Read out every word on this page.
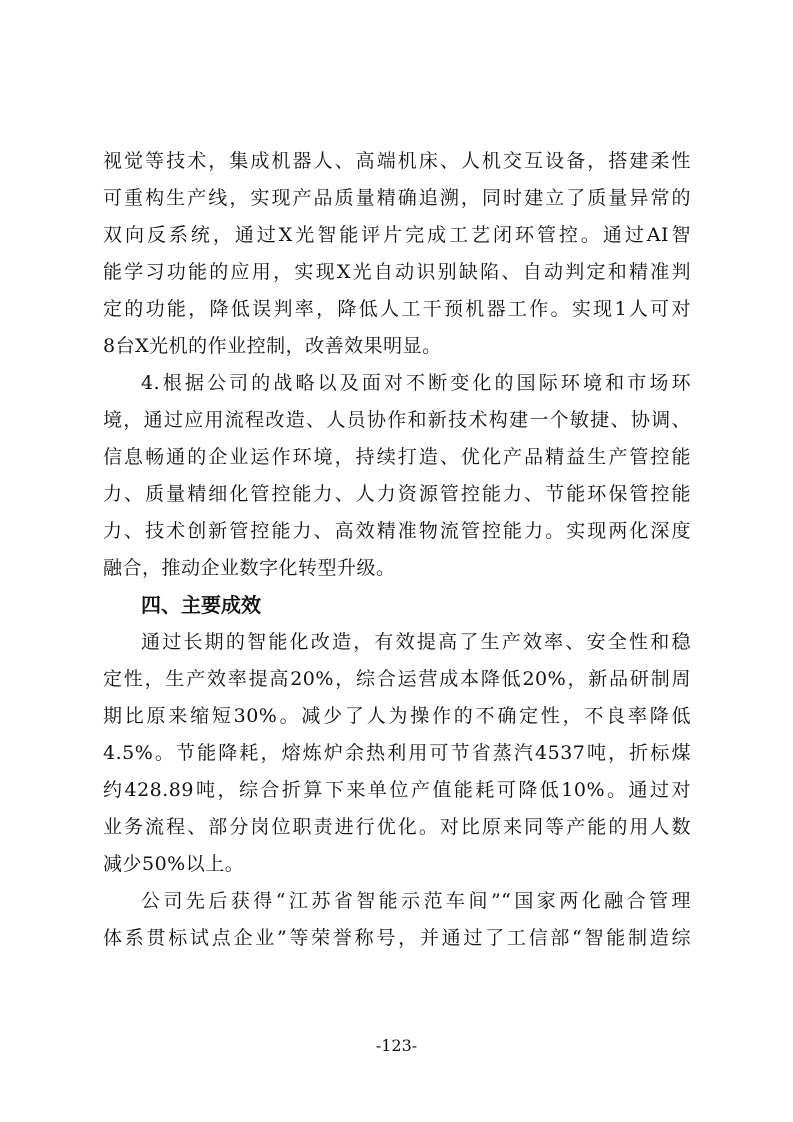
视觉等技术，集成机器人、高端机床、人机交互设备，搭建柔性
可重构生产线，实现产品质量精确追溯，同时建立了质量异常的
双向反系统，通过X光智能评片完成工艺闭环管控。通过AI智
能学习功能的应用，实现X光自动识别缺陷、自动判定和精准判
定的功能，降低误判率，降低人工干预机器工作。实现1人可对
8台X光机的作业控制，改善效果明显。
4.根据公司的战略以及面对不断变化的国际环境和市场环
境，通过应用流程改造、人员协作和新技术构建一个敏捷、协调、
信息畅通的企业运作环境，持续打造、优化产品精益生产管控能
力、质量精细化管控能力、人力资源管控能力、节能环保管控能
力、技术创新管控能力、高效精准物流管控能力。实现两化深度
融合，推动企业数字化转型升级。
四、主要成效
通过长期的智能化改造，有效提高了生产效率、安全性和稳
定性，生产效率提高20%，综合运营成本降低20%，新品研制周
期比原来缩短30%。减少了人为操作的不确定性，不良率降低
4.5%。节能降耗，熔炼炉余热利用可节省蒸汽4537吨，折标煤
约428.89吨，综合折算下来单位产值能耗可降低10%。通过对
业务流程、部分岗位职责进行优化。对比原来同等产能的用人数
减少50%以上。
公司先后获得“江苏省智能示范车间”“国家两化融合管理
体系贯标试点企业”等荣誉称号，并通过了工信部“智能制造综
-123-
